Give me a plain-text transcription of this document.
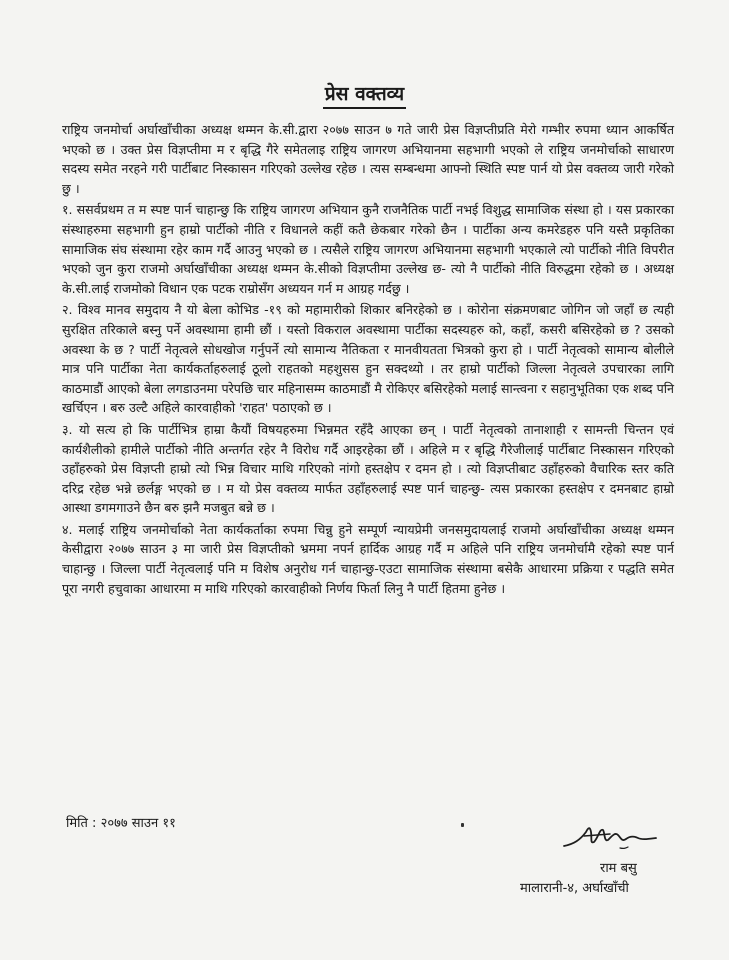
प्रेस वक्तव्य

राष्ट्रिय जनमोर्चा अर्घाखाँचीका अध्यक्ष थम्मन के.सी.द्वारा २०७७ साउन ७ गते जारी प्रेस विज्ञप्तीप्रति मेरो गम्भीर रुपमा ध्यान आकर्षित भएको छ । उक्त प्रेस विज्ञप्तीमा म र बृद्धि गैरे समेतलाइ राष्ट्रिय जागरण अभियानमा सहभागी भएको ले राष्ट्रिय जनमोर्चाको साधारण सदस्य समेत नरहने गरी पार्टीबाट निस्कासन गरिएको उल्लेख रहेछ । त्यस सम्बन्धमा आफ्नो स्थिति स्पष्ट पार्न यो प्रेस वक्तव्य जारी गरेको छु ।

१. ससर्वप्रथम त म स्पष्ट पार्न चाहान्छु कि राष्ट्रिय जागरण अभियान कुनै राजनैतिक पार्टी नभई विशुद्ध सामाजिक संस्था हो । यस प्रकारका संस्थाहरुमा सहभागी हुन हाम्रो पार्टीको नीति र विधानले कहीं कतै छेकबार गरेको छैन । पार्टीका अन्य कमरेडहरु पनि यस्तै प्रकृतिका सामाजिक संघ संस्थामा रहेर काम गर्दै आउनु भएको छ । त्यसैले राष्ट्रिय जागरण अभियानमा सहभागी भएकाले त्यो पार्टीको नीति विपरीत भएको जुन कुरा राजमो अर्घाखाँचीका अध्यक्ष थम्मन के.सीको विज्ञप्तीमा उल्लेख छ- त्यो नै पार्टीको नीति विरुद्धमा रहेको छ । अध्यक्ष के.सी.लाई राजमोको विधान एक पटक राम्रोसँग अध्ययन गर्न म आग्रह गर्दछु ।

२. विश्व मानव समुदाय नै यो बेला कोभिड -१९ को महामारीको शिकार बनिरहेको छ । कोरोना संक्रमणबाट जोगिन जो जहाँ छ त्यही सुरक्षित तरिकाले बस्नु पर्ने अवस्थामा हामी छौं । यस्तो विकराल अवस्थामा पार्टीका सदस्यहरु को, कहाँ, कसरी बसिरहेको छ ? उसको अवस्था के छ ? पार्टी नेतृत्वले सोधखोज गर्नुपर्ने त्यो सामान्य नैतिकता र मानवीयतता भित्रको कुरा हो । पार्टी नेतृत्वको सामान्य बोलीले मात्र पनि पार्टीका नेता कार्यकर्ताहरुलाई ठूलो राहतको महशुसस हुन सक्दथ्यो । तर हाम्रो पार्टीको जिल्ला नेतृत्वले उपचारका लागि काठमाडौं आएको बेला लगडाउनमा परेपछि चार महिनासम्म काठमाडौं मै रोकिएर बसिरहेको मलाई सान्त्वना र सहानुभूतिका एक शब्द पनि खर्चिएन । बरु उल्टै अहिले कारवाहीको 'राहत' पठाएको छ ।

३. यो सत्य हो कि पार्टीभित्र हाम्रा कैयौं विषयहरुमा भिन्नमत रहँदै आएका छन् । पार्टी नेतृत्वको तानाशाही र सामन्ती चिन्तन एवं कार्यशैलीको हामीले पार्टीको नीति अन्तर्गत रहेर नै विरोध गर्दै आइरहेका छौं । अहिले म र बृद्धि गैरेजीलाई पार्टीबाट निस्कासन गरिएको उहाँहरुको प्रेस विज्ञप्ती हाम्रो त्यो भिन्न विचार माथि गरिएको नांगो हस्तक्षेप र दमन हो । त्यो विज्ञप्तीबाट उहाँहरुको वैचारिक स्तर कति दरिद्र रहेछ भन्ने छर्लङ्ग भएको छ । म यो प्रेस वक्तव्य मार्फत उहाँहरुलाई स्पष्ट पार्न चाहन्छु- त्यस प्रकारका हस्तक्षेप र दमनबाट हाम्रो आस्था डगमगाउने छैन बरु झनै मजबुत बन्ने छ ।

४. मलाई राष्ट्रिय जनमोर्चाको नेता कार्यकर्ताका रुपमा चिन्नु हुने सम्पूर्ण न्यायप्रेमी जनसमुदायलाई राजमो अर्घाखाँचीका अध्यक्ष थम्मन केसीद्वारा २०७७ साउन ३ मा जारी प्रेस विज्ञप्तीको भ्रममा नपर्न हार्दिक आग्रह गर्दै म अहिले पनि राष्ट्रिय जनमोर्चामै रहेको स्पष्ट पार्न चाहान्छु । जिल्ला पार्टी नेतृत्वलाई पनि म विशेष अनुरोध गर्न चाहान्छु-एउटा सामाजिक संस्थामा बसेकै आधारमा प्रक्रिया र पद्धति समेत पूरा नगरी हचुवाका आधारमा म माथि गरिएको कारवाहीको निर्णय फिर्ता लिनु नै पार्टी हितमा हुनेछ ।

मिति : २०७७ साउन ११
राम बसु
मालारानी-४, अर्घाखाँची
